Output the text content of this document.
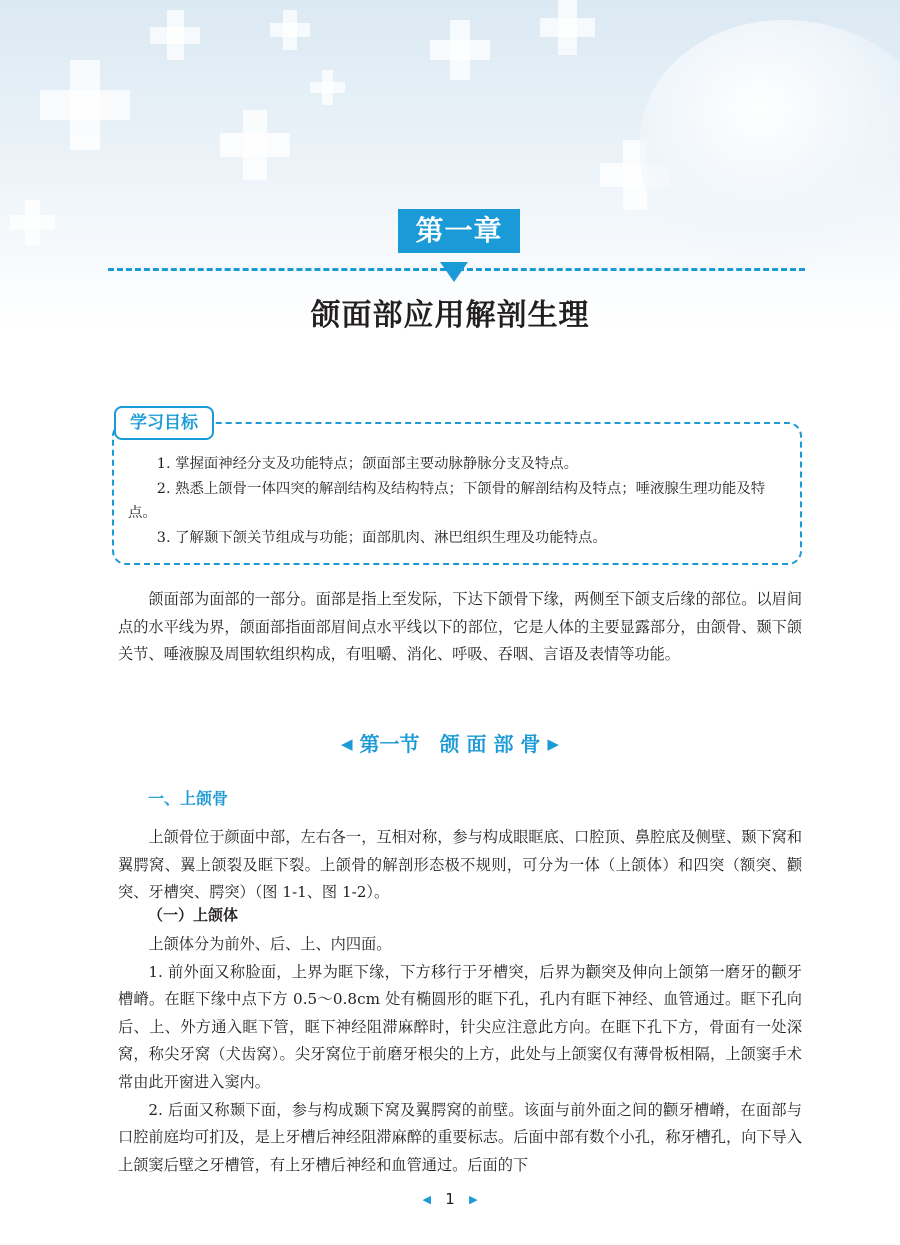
第一章
颌面部应用解剖生理
学习目标

1. 掌握面神经分支及功能特点；颌面部主要动脉静脉分支及特点。

2. 熟悉上颌骨一体四突的解剖结构及结构特点；下颌骨的解剖结构及特点；唾液腺生理功能及特点。

3. 了解颞下颌关节组成与功能；面部肌肉、淋巴组织生理及功能特点。

颌面部为面部的一部分。面部是指上至发际，下达下颌骨下缘，两侧至下颌支后缘的部位。以眉间点的水平线为界，颌面部指面部眉间点水平线以下的部位，它是人体的主要显露部分，由颌骨、颞下颌关节、唾液腺及周围软组织构成，有咀嚼、消化、呼吸、吞咽、言语及表情等功能。

◀ 第一节　颌 面 部 骨 ▶
一、上颌骨

上颌骨位于颜面中部，左右各一，互相对称，参与构成眼眶底、口腔顶、鼻腔底及侧壁、颞下窝和翼腭窝、翼上颌裂及眶下裂。上颌骨的解剖形态极不规则，可分为一体（上颌体）和四突（额突、颧突、牙槽突、腭突）（图 1-1、图 1-2）。

（一）上颌体

上颌体分为前外、后、上、内四面。

1. 前外面又称脸面，上界为眶下缘，下方移行于牙槽突，后界为颧突及伸向上颌第一磨牙的颧牙槽嵴。在眶下缘中点下方 0.5～0.8cm 处有椭圆形的眶下孔，孔内有眶下神经、血管通过。眶下孔向后、上、外方通入眶下管，眶下神经阻滞麻醉时，针尖应注意此方向。在眶下孔下方，骨面有一处深窝，称尖牙窝（犬齿窝）。尖牙窝位于前磨牙根尖的上方，此处与上颌窦仅有薄骨板相隔，上颌窦手术常由此开窗进入窦内。

2. 后面又称颞下面，参与构成颞下窝及翼腭窝的前壁。该面与前外面之间的颧牙槽嵴，在面部与口腔前庭均可扪及，是上牙槽后神经阻滞麻醉的重要标志。后面中部有数个小孔，称牙槽孔，向下导入上颌窦后壁之牙槽管，有上牙槽后神经和血管通过。后面的下

◀ 1 ▶
